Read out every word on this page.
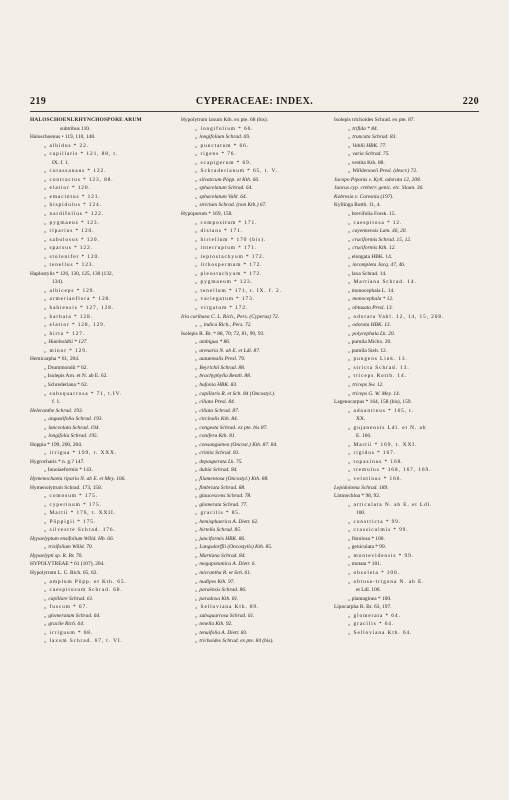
219	CYPERACEAE: INDEX.	220
HALOSCHOENLRHYNCHOSPORE ARUM
subtribus 110.
Haloschoenus • 119, 110, 148.
„ albidus * 22.
„ capillaris * 121, 88, t.
IX. f. 1.
„ curassanaus * 122.
„ contractus * 123, 88.
„ elatior * 120.
„ emacintus * 121.
„ hispidulus * 124.
„ nardifolius * 122.
„ pygmaeus * 123.
„ riparius * 120.
„ sabulosus * 120.
„ sparsus * 122.
„ stolonifer * 120.
„ tenellus * 123.
Haplostylis * 126, 130, 125, 130 (132,
134).
„ albiceps * 129.
„ armeriaeflora * 128.
„ bahiensis * 127, 128.
„ barbata * 128.
„ elatior * 128, 129.
„ hirta * 127.
„ Humboldtii * 127.
„ minor * 129.
Hemicarpha * 61, 204.
„ Drummondii * 62.
„ Isolepis Arn. et N. ab E. 62.
„ Schrederiana * 62.
„ subsquarrosa * 71, t.IV.
f. 1.
Heleranthe Schrad. 193.
„ angustifolia Schrad. 193.
„ lanceolata Schrad. 194.
„ longifolia Schrad. 195.
Hoppia * 199, 200, 204.
„ irrigua * 199, t. XXX.
Hygrocharis * n. g.? 147.
„ Innolaeformis * 143.
Hymenochaeta riparia N. ab E. et Mey. 106.
Hymenolytrum Schrad. 173, 158.
„ comosum * 175.
„ cyperinum * 175.
„ Martii * 176, t. XXII.
„ Pöppigii * 175.
„ silvestre Schrad. 176.
Hypaelyptum ensifolium Willd. Hb. 66.
„ trisifolium Willd. 70.
Hypaelypti sp. R. Br. 70.
HYPOLYTREAE * 61 (107), 204.
Hypolytrum L. C. Rich. 65, 62.
„ amplum Pöpp. et Kth. 65.
„ caespitosum Schrad. 68.
„ capillare Schrad. 61.
„ fuscum * 67.
„ glomeratum Schrad. 64.
„ gracile Rich. 64.
„ irriguum * 68.
„ laxum Schrad. 67, t. VI.
Hypolytrum laxum Kth. ex pte. 68 (bis).
„ longifolium * 66.
„ longifolium Schrad. 69.
„ punctatum * 66.
„ rigens * 76.
„ scapigerum * 69.
„ Schraderianum * 65, t. V.
„ silvaticum Pöpp. et Kth. 66.
„ sphacelatum Schrad. 64.
„ sphacelatum Vahl. 64.
„ strictum Schrad. (non Kth.) 67.
Hypoporum * 169, 158.
„ compositum * 171.
„ distans * 171.
„ hirtellum * 170 (bis).
„ interruptum * 171.
„ leptostachyum * 172.
„ lithospermum * 172.
„ pleostachyum * 172.
„ pygmaeum * 123.
„ tenellum * 171, t. IX. f. 2.
„ variegatum * 173.
„ virgatum * 172.
Iria caribaea C. L. Rich., Pers. (Cyperus) 72.
„ „ indica Rich., Pers. 72.
Isolepis R. Br. * 88, 70; 72, 81, 90, 93.
„ ambigua * 86.
„ arenaria N. ab E. et Ldl. 87.
„ autumnalis Presl. 79.
„ Beyrichii Schrad. 88.
„ brachyphylla Benth. 88.
„ bufonia HBK. 83.
„ capillaris R. et Sch. 84 (Oncostyl.).
„ ciliata Presl. 84.
„ ciliata Schrad. 87.
„ circinalis Kth. 84.
„ congesta Schrad. ex pte. bis 87.
„ conifera Kth. 81.
„ consanguinea (Oncost.) Kth. 87. 84.
„ crinita Schrad. 81.
„ depauperata Lk. 75.
„ dubia Schrad. 84.
„ filamentosa (Oncostyl.) Kth. 88.
„ fimbriata Schrad. 88.
„ glaucescens Schrad. 78.
„ glomerata Schrad. 77.
„ gracilis * 85.
„ hemisphaerica A. Dietr. 62.
„ hirtella Schrad. 85.
„ junciformis HBK. 86.
„ Langsdorffii (Oncostylis) Kth. 85.
„ Martiana Schrad. 84.
„ megapotamica A. Dietr. 6.
„ micrantha R. et Sch. 61.
„ nudipes Kth. 97.
„ paraënsis Schrad. 86.
„ paradoxa Kth. 81.
„ Selloviana Kth. 89.
„ subsquarrosa Schrad. 61.
„ tenella Kth. 92.
„ tenuifolia A. Dietr. 83.
„ trichoides Schrad. ex pte. 84 (bis).
Isolepis trichoides Schrad. ex pte. 87.
„ trifida * 84.
„ truncata Schrad. 83.
„ Vahlii HBK. 77.
„ varia Schrad. 75.
„ vestita Kth. 88.
„ Willdenowii Presl. (descr.) 72.
Jacopo Piponis v. Kyll. odorata 12, 208.
Juncus cyp. creberr. genic. etc. Sloan. 36.
Kobresia v. Coresnia (197).
Kyllinga Rotth. 11, 4.
„ brevifolia Forsk. 15.
„ caespitosa * 12.
„ cayennensis Lam. 46, 20.
„ cruciformis Schrad. 15, 12.
„ cruciformis Kth. 12.
„ elongata HBK. 14.
„ incompleta Jacq. 47, 46.
„ laxa Schrad. 14.
„ Martiana Schrad. 14.
„ monocephala L. 14.
„ monocephala * 12.
„ obtusata Presl. 13.
„ odorata Vahl. 12, 14, 15, 208.
„ odorata HBK. 13.
„ polycephala Lk. 20.
„ pumila Michx. 20.
„ pumila Sieb. 12.
„ pungens Link. 13.
„ stricta Schrad. 13.
„ triceps Rottb. 14.
„ triceps Sw. 12.
„ triceps G. W. Mey. 14.
Lagenocarpus * 164, 158 (bis), 159.
„ adauntinus * 165, t.
XX.
„ gujanensis Ldl. et N. ab
E. 166.
„ Martii * 169, t. XXI.
„ rigidus * 167.
„ topazinus * 168.
„ tremulus * 168, 167, 169.
„ velutinus * 166.
Lepidoloma Schrad. 189.
Limnochloa * 98, 92.
„ articulata N. ab E. et Ldl.
100.
„ constricta * 99.
„ crassiculmis * 99.
„ fistulosa * 100.
„ geniculata * 99.
„ montevidensis * 99.
„ mutata * 101.
„ obsoleta * 100.
„ obtuse-trigona N. ab E.
et Ldl. 100.
„ plantaginea * 100.
Lipocarpha R. Br. 63, 197.
„ glomerata * 64.
„ gracilis * 64.
„ Selloviana Kth. 64.
